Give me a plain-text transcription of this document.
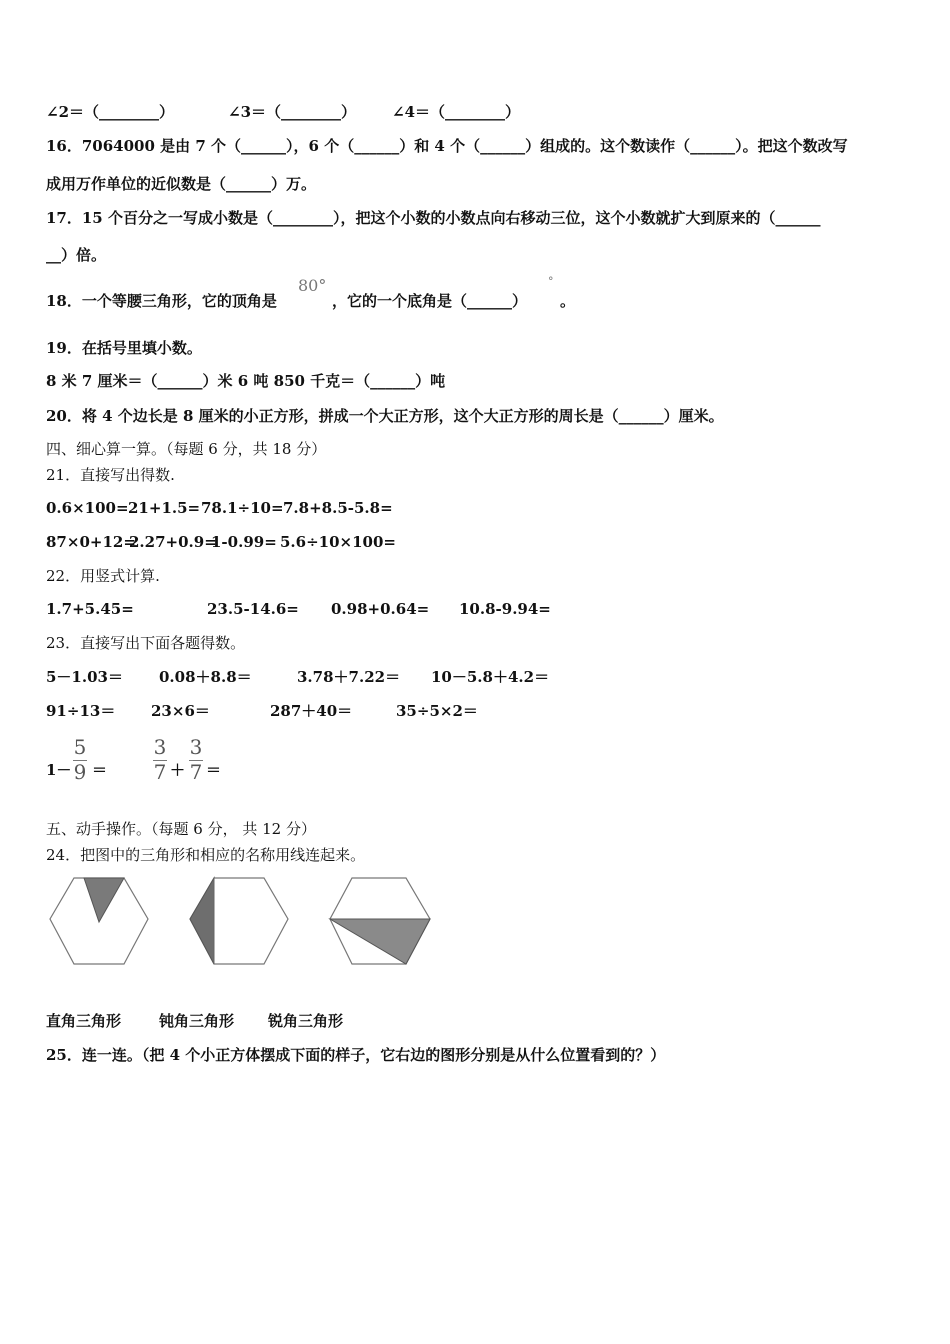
∠2＝（________）	∠3＝（________） ∠4＝（________）
16．7064000 是由 7 个（______），6 个（______）和 4 个（______）组成的。这个数读作（______）。把这个数改写
成用万作单位的近似数是（______）万。
17．15 个百分之一写成小数是（________），把这个小数的小数点向右移动三位，这个小数就扩大到原来的（______
__）倍。
18．一个等腰三角形，它的顶角是
80°
，它的一个底角是（______）
°
。
19．在括号里填小数。
8 米 7 厘米＝（______）米 6 吨 850 千克＝（______）吨
20．将 4 个边长是 8 厘米的小正方形，拼成一个大正方形，这个大正方形的周长是（______）厘米。
四、细心算一算。（每题 6 分，共 18 分）
21．直接写出得数.
0.6×100= 21+1.5= 78.1÷10= 7.8+8.5-5.8=
87×0+12=
2.27+0.9=
1-0.99= 5.6÷10×100=
22．用竖式计算.
1.7+5.45=	23.5-14.6= 0.98+0.64= 10.8-9.94=
23．直接写出下面各题得数。
5－1.03＝ 0.08＋8.8＝	3.78＋7.22＝ 10－5.8＋4.2＝
91÷13＝ 23×6＝	287＋40＝	35÷5×2＝
1－
5
9 ＝
3
7 ＋
3
7 ＝
五、动手操作。（每题 6 分， 共 12 分）
24．把图中的三角形和相应的名称用线连起来。
直角三角形	钝角三角形 锐角三角形
25．连一连。（把 4 个小正方体摆成下面的样子，它右边的图形分别是从什么位置看到的？）
